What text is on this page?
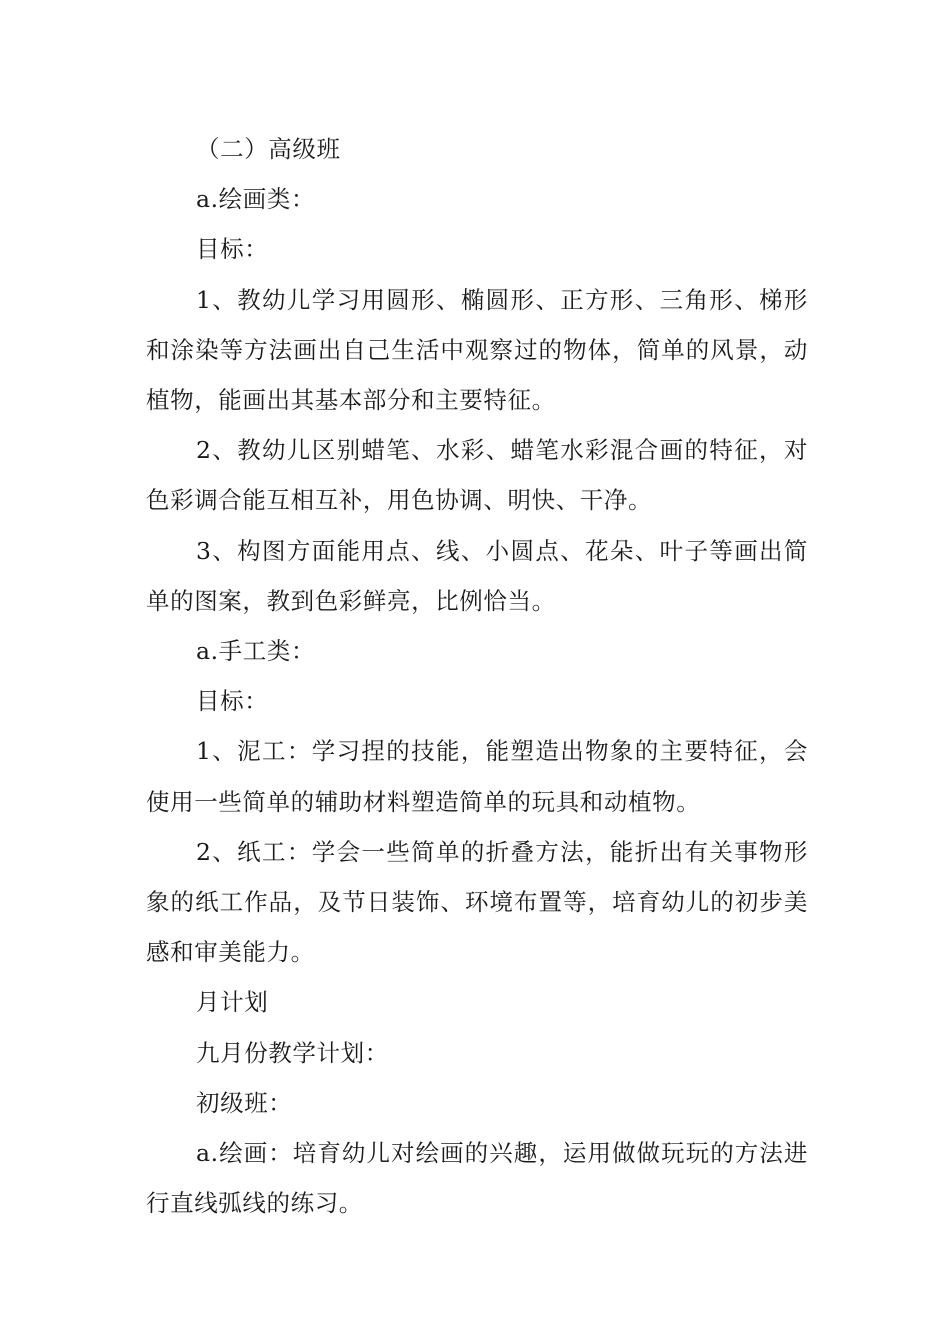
（二）高级班

a.绘画类：

目标：

1、教幼儿学习用圆形、椭圆形、正方形、三角形、梯形和涂染等方法画出自己生活中观察过的物体，简单的风景，动植物，能画出其基本部分和主要特征。

2、教幼儿区别蜡笔、水彩、蜡笔水彩混合画的特征，对色彩调合能互相互补，用色协调、明快、干净。

3、构图方面能用点、线、小圆点、花朵、叶子等画出简单的图案，教到色彩鲜亮，比例恰当。

a.手工类：

目标：

1、泥工：学习捏的技能，能塑造出物象的主要特征，会使用一些简单的辅助材料塑造简单的玩具和动植物。

2、纸工：学会一些简单的折叠方法，能折出有关事物形象的纸工作品，及节日装饰、环境布置等，培育幼儿的初步美感和审美能力。

月计划

九月份教学计划：

初级班：

a.绘画：培育幼儿对绘画的兴趣，运用做做玩玩的方法进行直线弧线的练习。
